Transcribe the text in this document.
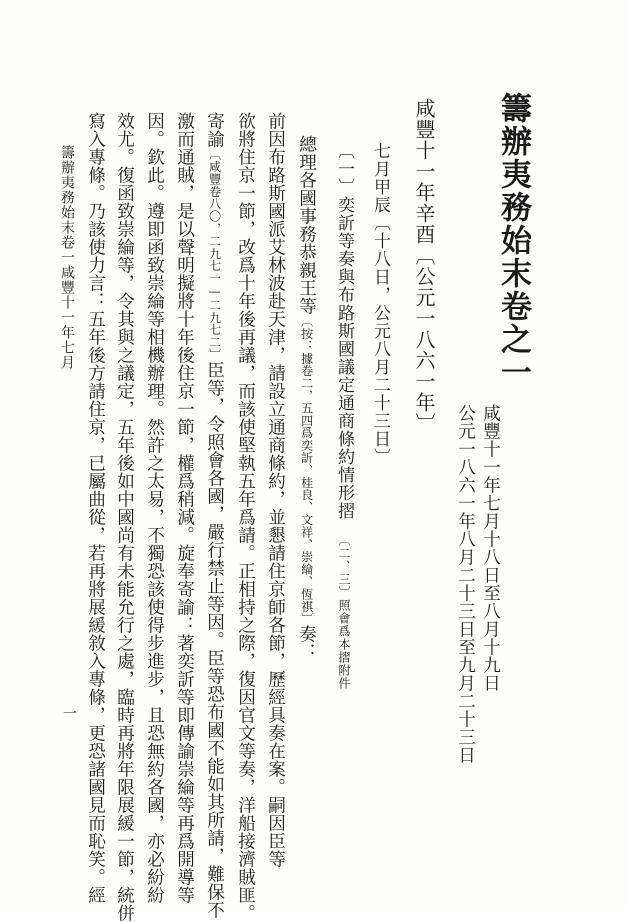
籌辦夷務始末卷之一
咸豐十一年七月十八日至八月十九日
公元一八六一年八月二十三日至九月二十三日
咸豐十一年辛酉〔公元一八六一年〕
七月甲辰〔十八日，公元八月二十三日〕
〔一〕奕訢等奏與布路斯國議定通商條約情形摺〔二、三〕照會爲本摺附件
總理各國事務恭親王等〔按：據卷二，五四爲奕訢、桂良、文祥、崇綸、恆祺〕奏：
前因布路斯國派艾林波赴天津，請設立通商條約，並懇請住京師各節，歷經具奏在案。嗣因臣等
欲將住京一節，改爲十年後再議，而該使堅執五年爲請。正相持之際，復因官文等奏，洋船接濟賊匪。
寄諭〔咸豐卷八〇，二九七一—二九七二〕臣等，令照會各國，嚴行禁止等因。臣等恐布國不能如其所請，難保不
激而通賊，是以聲明擬將十年後住京一節，權爲稍減。旋奉寄諭：著奕訢等即傳諭崇綸等再爲開導等
因。欽此。遵即函致崇綸等相機辦理。然許之太易，不獨恐該使得步進步，且恐無約各國，亦必紛紛
效尤。復函致崇綸等，令其與之議定，五年後如中國尚有未能允行之處，臨時再將年限展緩一節，統併
寫入專條。乃該使力言：五年後方請住京，已屬曲從，若再將展緩敘入專條，更恐諸國見而恥笑。經
籌辦夷務始末卷一
咸豐十一年七月
一
